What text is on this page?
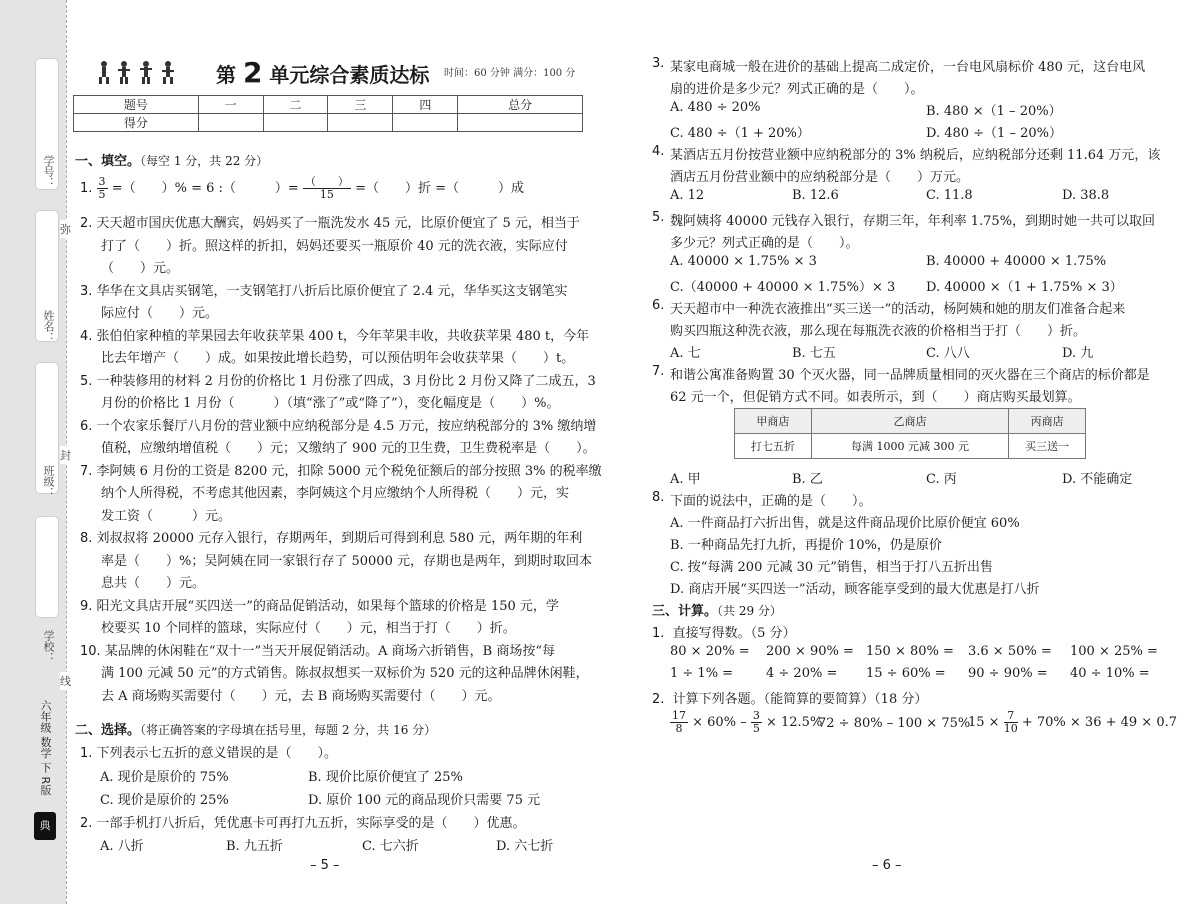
学号：
姓名：
班级：
学校：
弥
封
线
六年级 数学 下 R版
典
第 2 单元综合素质达标 时间：60 分钟 满分：100 分
题号	一	二	三	四	总分
得分					
一、填空。（每空 1 分，共 22 分）
1. $\frac{3}{5}$ =（　　）% = 6 :（　　　）= $\frac{( )}{15}$ =（　　）折 =（　　　）成
2. 天天超市国庆优惠大酬宾，妈妈买了一瓶洗发水 45 元，比原价便宜了 5 元，相当于
打了（　　）折。照这样的折扣，妈妈还要买一瓶原价 40 元的洗衣液，实际应付
（　　）元。
3. 华华在文具店买钢笔，一支钢笔打八折后比原价便宜了 2.4 元，华华买这支钢笔实
际应付（　　）元。
4. 张伯伯家种植的苹果园去年收获苹果 400 t，今年苹果丰收，共收获苹果 480 t，今年
比去年增产（　　）成。如果按此增长趋势，可以预估明年会收获苹果（　　）t。
5. 一种装修用的材料 2 月份的价格比 1 月份涨了四成，3 月份比 2 月份又降了二成五，3
月份的价格比 1 月份（　　　）（填“涨了”或“降了”），变化幅度是（　　）%。
6. 一个农家乐餐厅八月份的营业额中应纳税部分是 4.5 万元，按应纳税部分的 3% 缴纳增
值税，应缴纳增值税（　　）元；又缴纳了 900 元的卫生费，卫生费税率是（　　）。
7. 李阿姨 6 月份的工资是 8200 元，扣除 5000 元个税免征额后的部分按照 3% 的税率缴
纳个人所得税，不考虑其他因素，李阿姨这个月应缴纳个人所得税（　　）元，实
发工资（　　　）元。
8. 刘叔叔将 20000 元存入银行，存期两年，到期后可得到利息 580 元，两年期的年利
率是（　　）%；吴阿姨在同一家银行存了 50000 元，存期也是两年，到期时取回本
息共（　　）元。
9. 阳光文具店开展“买四送一”的商品促销活动，如果每个篮球的价格是 150 元，学
校要买 10 个同样的篮球，实际应付（　　）元，相当于打（　　）折。
10. 某品牌的休闲鞋在“双十一”当天开展促销活动。A 商场六折销售，B 商场按“每
满 100 元减 50 元”的方式销售。陈叔叔想买一双标价为 520 元的这种品牌休闲鞋，
去 A 商场购买需要付（　　）元，去 B 商场购买需要付（　　）元。
二、选择。（将正确答案的字母填在括号里，每题 2 分，共 16 分）
1. 下列表示七五折的意义错误的是（　　）。
A. 现价是原价的 75%	B. 现价比原价便宜了 25%
C. 现价是原价的 25%	D. 原价 100 元的商品现价只需要 75 元
2. 一部手机打八折后，凭优惠卡可再打九五折，实际享受的是（　　）优惠。
A. 八折	B. 九五折	C. 七六折	D. 六七折
– 5 –
3. 某家电商城一般在进价的基础上提高二成定价，一台电风扇标价 480 元，这台电风
扇的进价是多少元？列式正确的是（　　）。
A. 480 ÷ 20%	B. 480 ×（1 – 20%）
C. 480 ÷（1 + 20%）	D. 480 ÷（1 – 20%）
4. 某酒店五月份按营业额中应纳税部分的 3% 纳税后，应纳税部分还剩 11.64 万元，该
酒店五月份营业额中的应纳税部分是（　　）万元。
A. 12	B. 12.6	C. 11.8	D. 38.8
5. 魏阿姨将 40000 元钱存入银行，存期三年，年利率 1.75%，到期时她一共可以取回
多少元？列式正确的是（　　）。
A. 40000 × 1.75% × 3	B. 40000 + 40000 × 1.75%
C.（40000 + 40000 × 1.75%）× 3 D. 40000 ×（1 + 1.75% × 3）
6. 天天超市中一种洗衣液推出“买三送一”的活动，杨阿姨和她的朋友们准备合起来
购买四瓶这种洗衣液，那么现在每瓶洗衣液的价格相当于打（　　）折。
A. 七	B. 七五	C. 八八	D. 九
7. 和谐公寓准备购置 30 个灭火器，同一品牌质量相同的灭火器在三个商店的标价都是
62 元一个，但促销方式不同。如表所示，到（　　）商店购买最划算。
A. 甲	B. 乙	C. 丙	D. 不能确定
8. 下面的说法中，正确的是（　　）。
A. 一件商品打六折出售，就是这件商品现价比原价便宜 60%
B. 一种商品先打九折，再提价 10%，仍是原价
C. 按“每满 200 元减 30 元”销售，相当于打八五折出售
D. 商店开展“买四送一”活动，顾客能享受到的最大优惠是打八折
甲商店	乙商店	丙商店
打七五折	每满 1000 元减 300 元	买三送一
三、计算。（共 29 分）
1. 直接写得数。（5 分）
80 × 20% = 200 × 90% = 150 × 80% = 3.6 × 50% = 100 × 25% =
1 ÷ 1% =	4 ÷ 20% = 15 ÷ 60% = 90 ÷ 90% = 40 ÷ 10% =
2. 计算下列各题。（能简算的要简算）（18 分）
$\frac{17}{8} \times 60\% - \frac{3}{5} \times 12.5\%$
72 ÷ 80% – 100 × 75%
$15 \times \frac{7}{10} + 70\% \times 36 + 49 \times 0.7$
– 6 –
